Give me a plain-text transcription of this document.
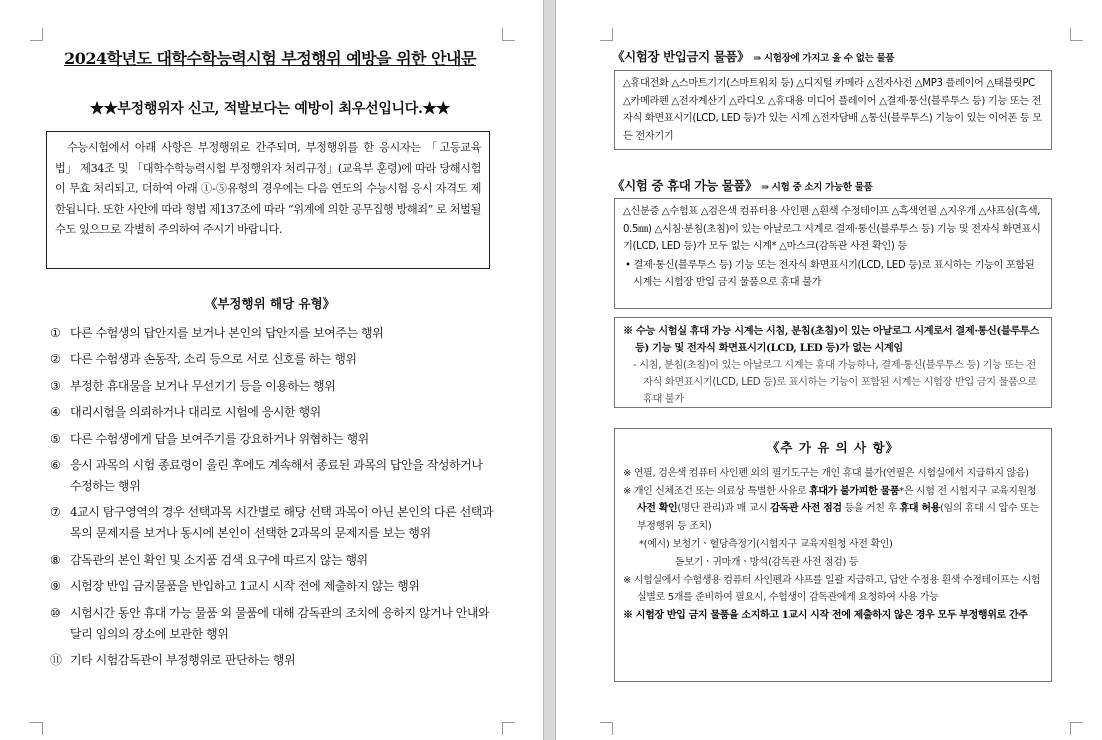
2024학년도 대학수학능력시험 부정행위 예방을 위한 안내문
★★부정행위자 신고, 적발보다는 예방이 최우선입니다.★★
수능시험에서 아래 사항은 부정행위로 간주되며, 부정행위를 한 응시자는 「고등교육법」 제34조 및 「대학수학능력시험 부정행위자 처리규정」(교육부 훈령)에 따라 당해시험이 무효 처리되고, 더하여 아래 ①-⑤유형의 경우에는 다음 연도의 수능시험 응시 자격도 제한됩니다. 또한 사안에 따라 형법 제137조에 따라 “위계에 의한 공무집행 방해죄” 로 처벌될 수도 있으므로 각별히 주의하여 주시기 바랍니다.
《부정행위 해당 유형》
① 다른 수험생의 답안지를 보거나 본인의 답안지를 보여주는 행위
② 다른 수험생과 손동작, 소리 등으로 서로 신호를 하는 행위
③ 부정한 휴대물을 보거나 무선기기 등을 이용하는 행위
④ 대리시험을 의뢰하거나 대리로 시험에 응시한 행위
⑤ 다른 수험생에게 답을 보여주기를 강요하거나 위협하는 행위
⑥ 응시 과목의 시험 종료령이 울린 후에도 계속해서 종료된 과목의 답안을 작성하거나 수정하는 행위
⑦ 4교시 탐구영역의 경우 선택과목 시간별로 해당 선택 과목이 아닌 본인의 다른 선택과목의 문제지를 보거나 동시에 본인이 선택한 2과목의 문제지를 보는 행위
⑧ 감독관의 본인 확인 및 소지품 검색 요구에 따르지 않는 행위
⑨ 시험장 반입 금지물품을 반입하고 1교시 시작 전에 제출하지 않는 행위
⑩ 시험시간 동안 휴대 가능 물품 외 물품에 대해 감독관의 조치에 응하지 않거나 안내와 달리 임의의 장소에 보관한 행위
⑪ 기타 시험감독관이 부정행위로 판단하는 행위
《시험장 반입금지 물품》 ⇒ 시험장에 가지고 올 수 없는 물품
△휴대전화 △스마트기기(스마트워치 등) △디지털 카메라 △전자사전 △MP3 플레이어 △태블릿PC △카메라펜 △전자계산기 △라디오 △휴대용 미디어 플레이어 △결제·통신(블루투스 등) 기능 또는 전자식 화면표시기(LCD, LED 등)가 있는 시계 △전자담배 △통신(블루투스) 기능이 있는 이어폰 등 모든 전자기기
《시험 중 휴대 가능 물품》 ⇒ 시험 중 소지 가능한 물품
△신분증 △수험표 △검은색 컴퓨터용 사인펜 △흰색 수정테이프 △흑색연필 △지우개 △샤프심(흑색, 0.5㎜) △시침·분침(초침)이 있는 아날로그 시계로 결제·통신(블루투스 등) 기능 및 전자식 화면표시기(LCD, LED 등)가 모두 없는 시계* △마스크(감독관 사전 확인) 등
• 결제·통신(블루투스 등) 기능 또는 전자식 화면표시기(LCD, LED 등)로 표시하는 기능이 포함된 시계는 시험장 반입 금지 물품으로 휴대 불가
※ 수능 시험실 휴대 가능 시계는 시침, 분침(초침)이 있는 아날로그 시계로서 결제·통신(블루투스 등) 기능 및 전자식 화면표시기(LCD, LED 등)가 없는 시계임
- 시침, 분침(초침)이 있는 아날로그 시계는 휴대 가능하나, 결제·통신(블루투스 등) 기능 또는 전자식 화면표시기(LCD, LED 등)로 표시하는 기능이 포함된 시계는 시험장 반입 금지 물품으로 휴대 불가
《추 가 유 의 사 항》
※ 연필, 검은색 컴퓨터 사인펜 외의 필기도구는 개인 휴대 불가(연필은 시험실에서 지급하지 않음)
※ 개인 신체조건 또는 의료상 특별한 사유로 휴대가 불가피한 물품*은 시험 전 시험지구 교육지원청 사전 확인(명단 관리)과 매 교시 감독관 사전 점검 등을 거친 후 휴대 허용(임의 휴대 시 압수 또는 부정행위 등 조치)
*(예시) 보청기ㆍ혈당측정기(시험지구 교육지원청 사전 확인)
돋보기ㆍ귀마개ㆍ방석(감독관 사전 점검) 등
※ 시험실에서 수험생용 컴퓨터 사인펜과 샤프를 일괄 지급하고, 답안 수정용 흰색 수정테이프는 시험실별로 5개를 준비하여 필요시, 수험생이 감독관에게 요청하여 사용 가능
※ 시험장 반입 금지 물품을 소지하고 1교시 시작 전에 제출하지 않은 경우 모두 부정행위로 간주
